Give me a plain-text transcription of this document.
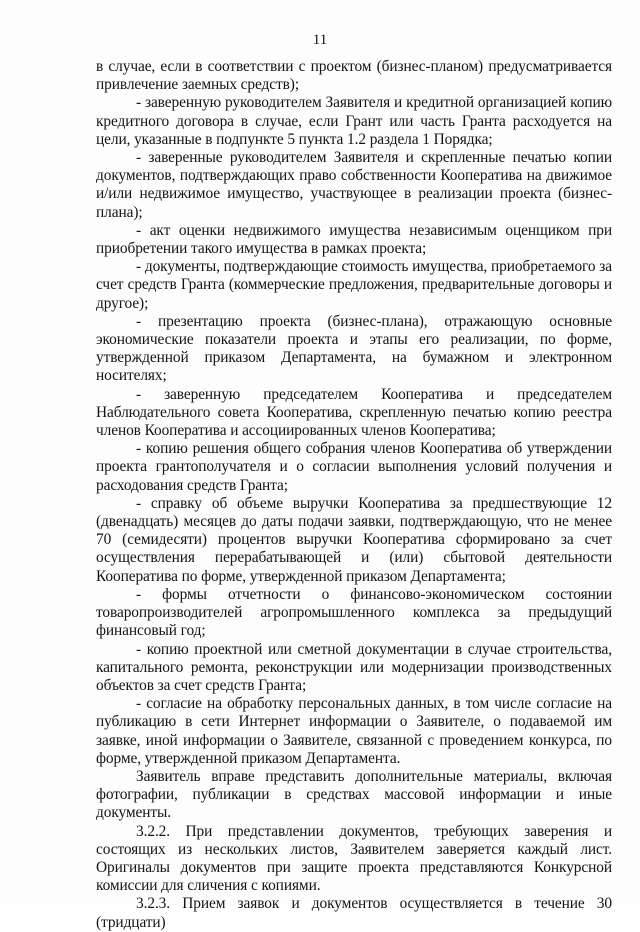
11

в случае, если в соответствии с проектом (бизнес-планом) предусматривается привлечение заемных средств);

- заверенную руководителем Заявителя и кредитной организацией копию кредитного договора в случае, если Грант или часть Гранта расходуется на цели, указанные в подпункте 5 пункта 1.2 раздела 1 Порядка;

- заверенные руководителем Заявителя и скрепленные печатью копии документов, подтверждающих право собственности Кооператива на движимое и/или недвижимое имущество, участвующее в реализации проекта (бизнес-плана);

- акт оценки недвижимого имущества независимым оценщиком при приобретении такого имущества в рамках проекта;

- документы, подтверждающие стоимость имущества, приобретаемого за счет средств Гранта (коммерческие предложения, предварительные договоры и другое);

- презентацию проекта (бизнес-плана), отражающую основные экономические показатели проекта и этапы его реализации, по форме, утвержденной приказом Департамента, на бумажном и электронном носителях;

- заверенную председателем Кооператива и председателем Наблюдательного совета Кооператива, скрепленную печатью копию реестра членов Кооператива и ассоциированных членов Кооператива;

- копию решения общего собрания членов Кооператива об утверждении проекта грантополучателя и о согласии выполнения условий получения и расходования средств Гранта;

- справку об объеме выручки Кооператива за предшествующие 12 (двенадцать) месяцев до даты подачи заявки, подтверждающую, что не менее 70 (семидесяти) процентов выручки Кооператива сформировано за счет осуществления перерабатывающей и (или) сбытовой деятельности Кооператива по форме, утвержденной приказом Департамента;

- формы отчетности о финансово-экономическом состоянии товаропроизводителей агропромышленного комплекса за предыдущий финансовый год;

- копию проектной или сметной документации в случае строительства, капитального ремонта, реконструкции или модернизации производственных объектов за счет средств Гранта;

- согласие на обработку персональных данных, в том числе согласие на публикацию в сети Интернет информации о Заявителе, о подаваемой им заявке, иной информации о Заявителе, связанной с проведением конкурса, по форме, утвержденной приказом Департамента.

Заявитель вправе представить дополнительные материалы, включая фотографии, публикации в средствах массовой информации и иные документы.

3.2.2. При представлении документов, требующих заверения и состоящих из нескольких листов, Заявителем заверяется каждый лист. Оригиналы документов при защите проекта представляются Конкурсной комиссии для сличения с копиями.

3.2.3. Прием заявок и документов осуществляется в течение 30 (тридцати)
